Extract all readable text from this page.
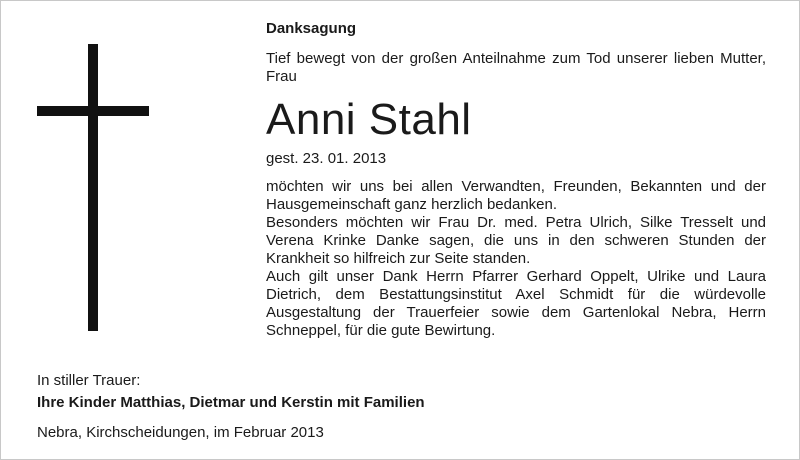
Danksagung
Tief bewegt von der großen Anteilnahme zum Tod unserer lieben Mutter, Frau
Anni Stahl
gest. 23. 01. 2013

möchten wir uns bei allen Verwandten, Freunden, Bekannten und der Hausgemeinschaft ganz herzlich bedanken.

Besonders möchten wir Frau Dr. med. Petra Ulrich, Silke Tresselt und Verena Krinke Danke sagen, die uns in den schweren Stunden der Krankheit so hilfreich zur Seite standen.

Auch gilt unser Dank Herrn Pfarrer Gerhard Oppelt, Ulrike und Laura Dietrich, dem Bestattungsinstitut Axel Schmidt für die würdevolle Ausgestaltung der Trauerfeier sowie dem Gartenlokal Nebra, Herrn Schneppel, für die gute Bewirtung.

In stiller Trauer:
Ihre Kinder Matthias, Dietmar und Kerstin mit Familien
Nebra, Kirchscheidungen, im Februar 2013
